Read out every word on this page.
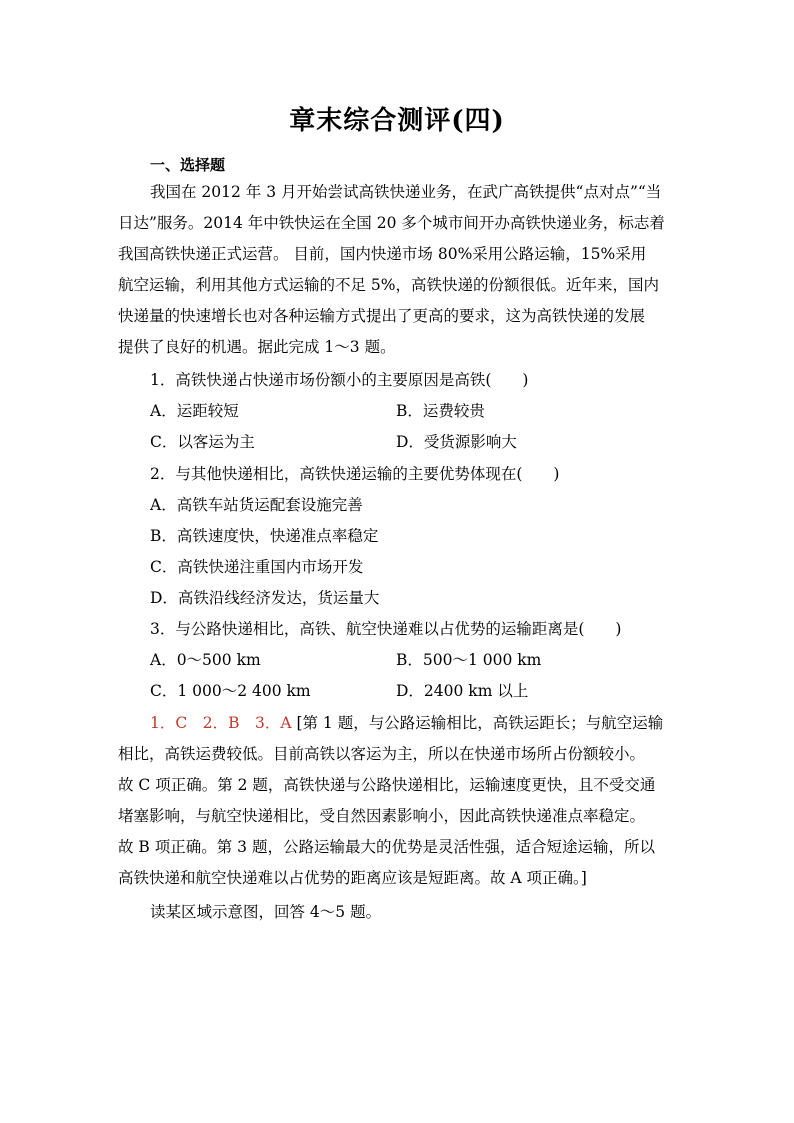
章末综合测评(四)
一、选择题
我国在 2012 年 3 月开始尝试高铁快递业务，在武广高铁提供“点对点”“当
日达”服务。2014 年中铁快运在全国 20 多个城市间开办高铁快递业务，标志着
我国高铁快递正式运营。 目前，国内快递市场 80%采用公路运输，15%采用
航空运输，利用其他方式运输的不足 5%，高铁快递的份额很低。近年来，国内
快递量的快速增长也对各种运输方式提出了更高的要求，这为高铁快递的发展
提供了良好的机遇。据此完成 1～3 题。
1．高铁快递占快递市场份额小的主要原因是高铁(　　)
A．运距较短	B．运费较贵
C．以客运为主	D．受货源影响大
2．与其他快递相比，高铁快递运输的主要优势体现在(　　)
A．高铁车站货运配套设施完善
B．高铁速度快，快递准点率稳定
C．高铁快递注重国内市场开发
D．高铁沿线经济发达，货运量大
3．与公路快递相比，高铁、航空快递难以占优势的运输距离是(　　)
A．0～500 km	B．500～1 000 km
C．1 000～2 400 km	D．2400 km 以上
1．C　2．B　3．A [第 1 题，与公路运输相比，高铁运距长；与航空运输
相比，高铁运费较低。目前高铁以客运为主，所以在快递市场所占份额较小。
故 C 项正确。第 2 题，高铁快递与公路快递相比，运输速度更快，且不受交通
堵塞影响，与航空快递相比，受自然因素影响小，因此高铁快递准点率稳定。
故 B 项正确。第 3 题，公路运输最大的优势是灵活性强，适合短途运输，所以
高铁快递和航空快递难以占优势的距离应该是短距离。故 A 项正确。]
读某区域示意图，回答 4～5 题。
